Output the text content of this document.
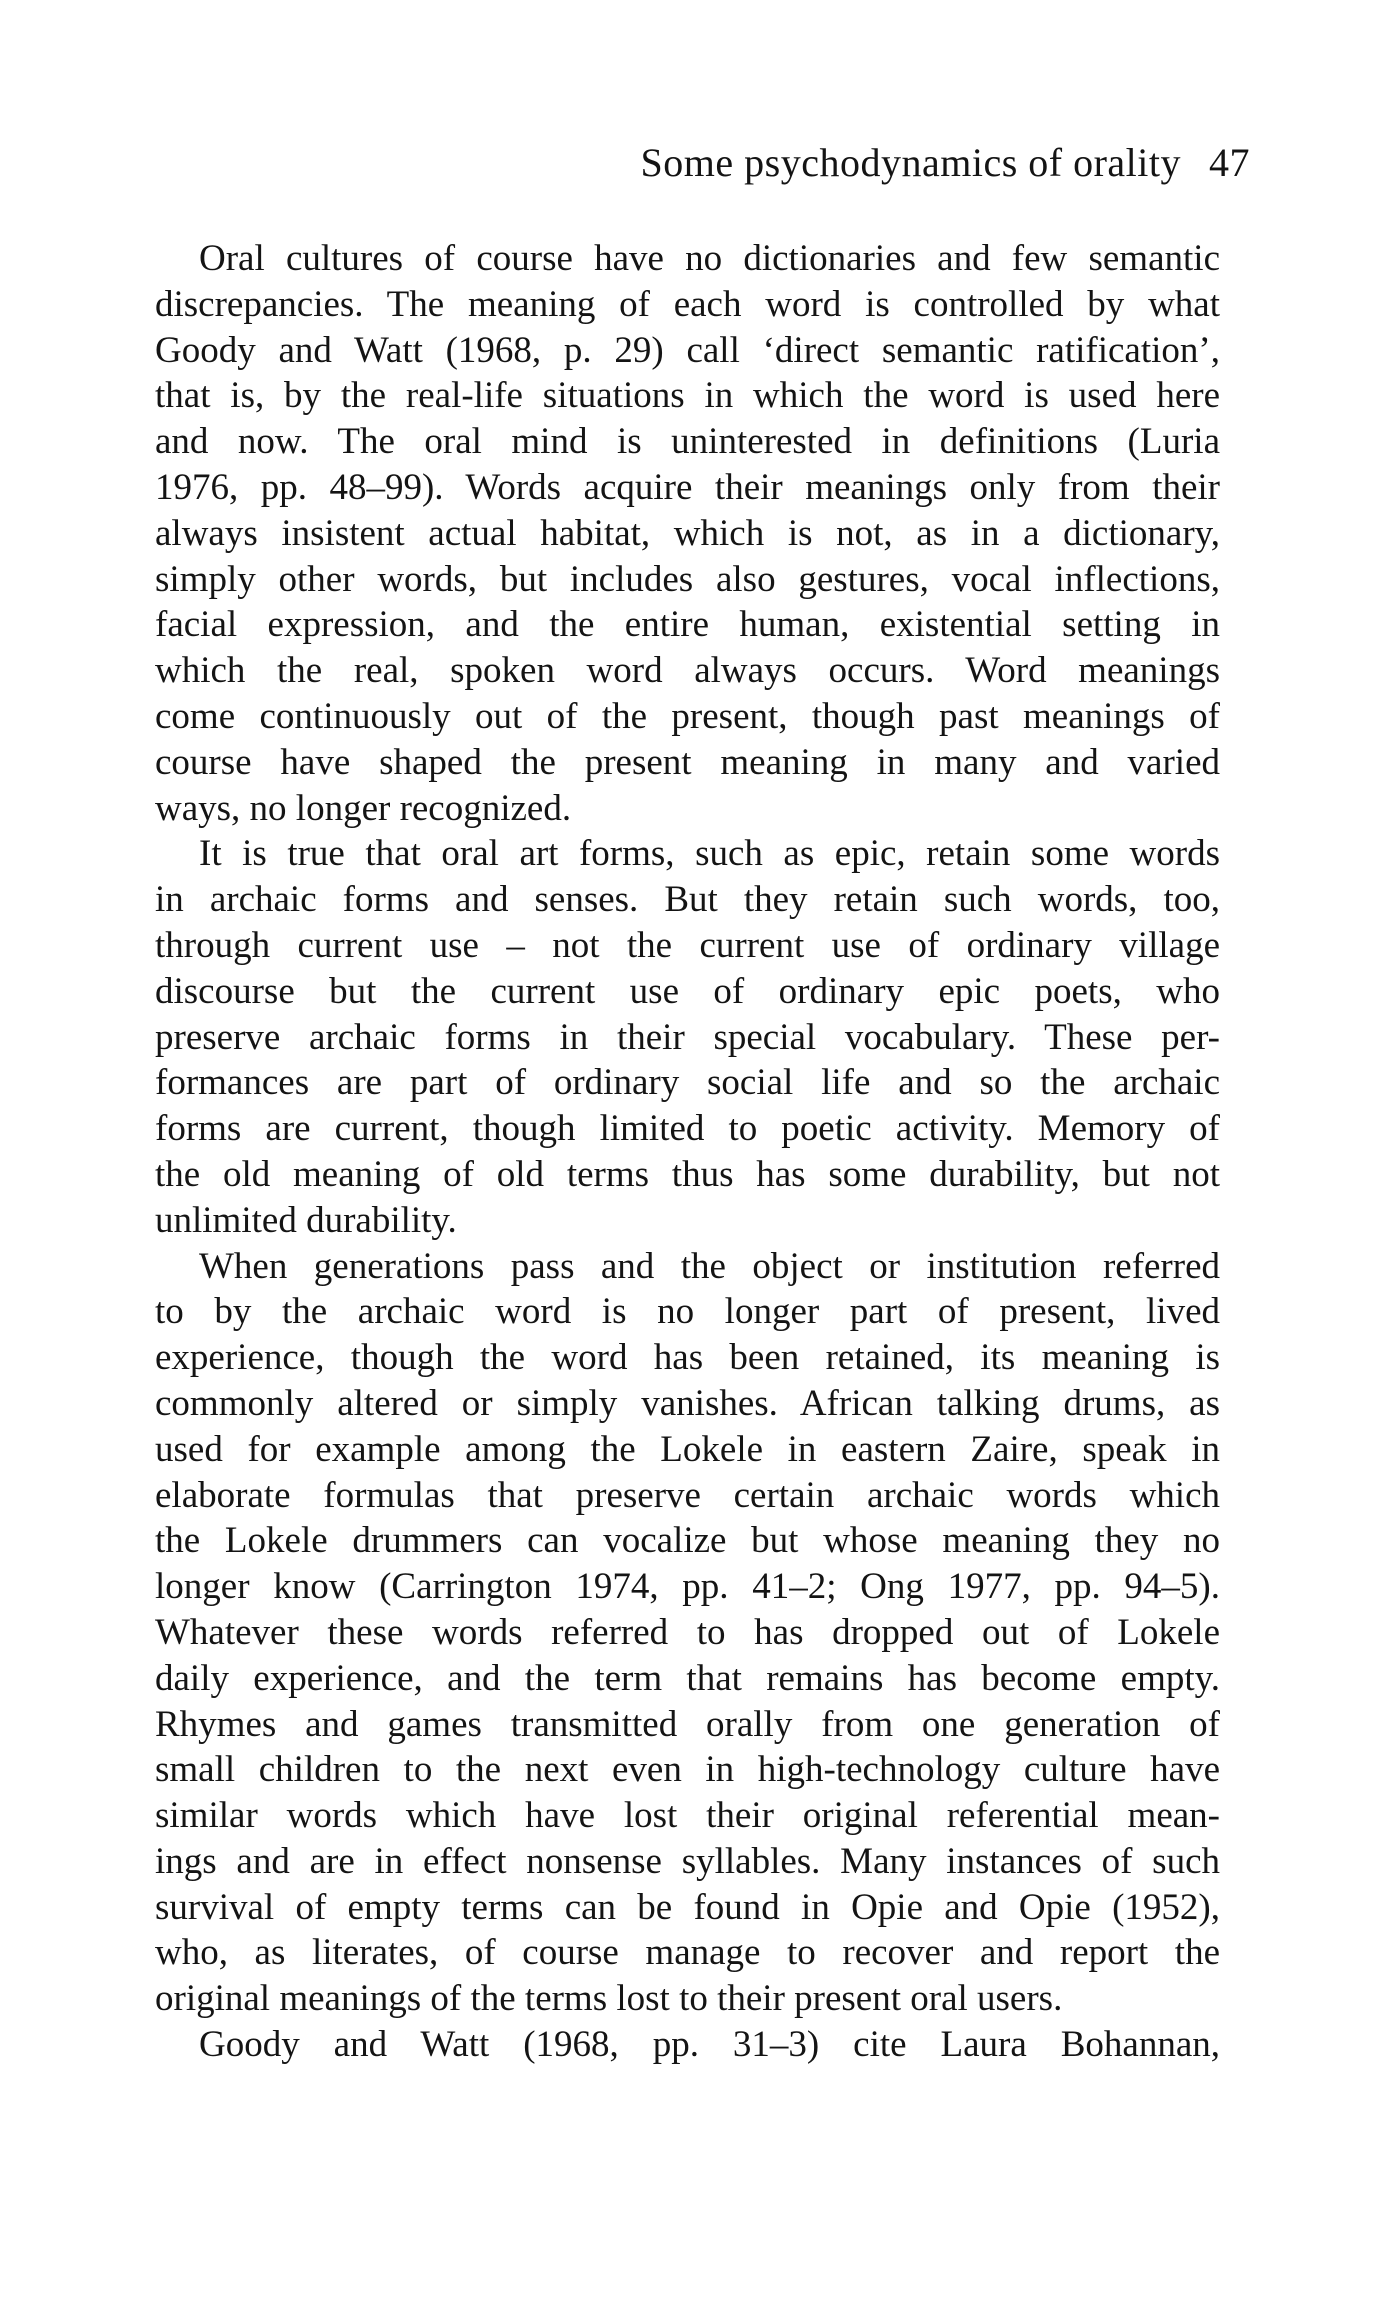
Some psychodynamics of orality 47
Oral cultures of course have no dictionaries and few semantic
discrepancies. The meaning of each word is controlled by what
Goody and Watt (1968, p. 29) call ‘direct semantic ratification’,
that is, by the real-life situations in which the word is used here
and now. The oral mind is uninterested in definitions (Luria
1976, pp. 48–99). Words acquire their meanings only from their
always insistent actual habitat, which is not, as in a dictionary,
simply other words, but includes also gestures, vocal inflections,
facial expression, and the entire human, existential setting in
which the real, spoken word always occurs. Word meanings
come continuously out of the present, though past meanings of
course have shaped the present meaning in many and varied
ways, no longer recognized.
It is true that oral art forms, such as epic, retain some words
in archaic forms and senses. But they retain such words, too,
through current use – not the current use of ordinary village
discourse but the current use of ordinary epic poets, who
preserve archaic forms in their special vocabulary. These per-
formances are part of ordinary social life and so the archaic
forms are current, though limited to poetic activity. Memory of
the old meaning of old terms thus has some durability, but not
unlimited durability.
When generations pass and the object or institution referred
to by the archaic word is no longer part of present, lived
experience, though the word has been retained, its meaning is
commonly altered or simply vanishes. African talking drums, as
used for example among the Lokele in eastern Zaire, speak in
elaborate formulas that preserve certain archaic words which
the Lokele drummers can vocalize but whose meaning they no
longer know (Carrington 1974, pp. 41–2; Ong 1977, pp. 94–5).
Whatever these words referred to has dropped out of Lokele
daily experience, and the term that remains has become empty.
Rhymes and games transmitted orally from one generation of
small children to the next even in high-technology culture have
similar words which have lost their original referential mean-
ings and are in effect nonsense syllables. Many instances of such
survival of empty terms can be found in Opie and Opie (1952),
who, as literates, of course manage to recover and report the
original meanings of the terms lost to their present oral users.
Goody and Watt (1968, pp. 31–3) cite Laura Bohannan,
